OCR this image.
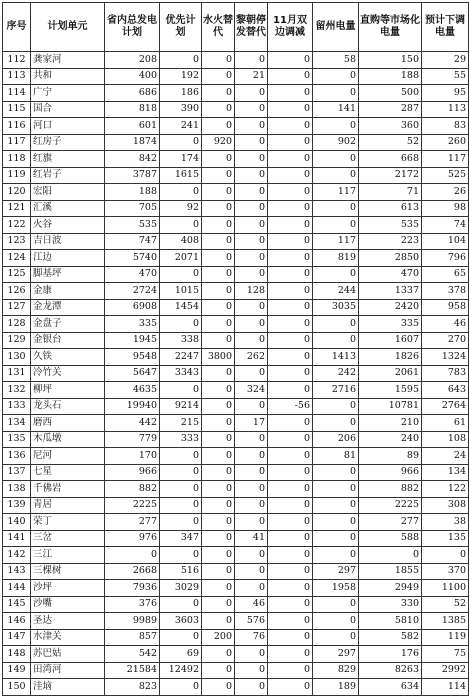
序号	计划单元	省内总发电计划	优先计划	水火替代	黎朝停发替代	11月双边调减	留州电量	直购等市场化电量	预计下调电量
112	龚家河	208	0	0	0	0	58	150	29
113	共和	400	192	0	21	0	0	188	55
114	广宁	686	186	0	0	0	0	500	95
115	国合	818	390	0	0	0	141	287	113
116	河口	601	241	0	0	0	0	360	83
117	红房子	1874	0	920	0	0	902	52	260
118	红旗	842	174	0	0	0	0	668	117
119	红岩子	3787	1615	0	0	0	0	2172	525
120	宏阳	188	0	0	0	0	117	71	26
121	汇溪	705	92	0	0	0	0	613	98
122	火谷	535	0	0	0	0	0	535	74
123	吉日波	747	408	0	0	0	117	223	104
124	江边	5740	2071	0	0	0	819	2850	796
125	脚基坪	470	0	0	0	0	0	470	65
126	金康	2724	1015	0	128	0	244	1337	378
127	金龙潭	6908	1454	0	0	0	3035	2420	958
128	金盘子	335	0	0	0	0	0	335	46
129	金银台	1945	338	0	0	0	0	1607	270
130	久铁	9548	2247	3800	262	0	1413	1826	1324
131	冷竹关	5647	3343	0	0	0	242	2061	783
132	柳坪	4635	0	0	324	0	2716	1595	643
133	龙头石	19940	9214	0	0	-56	0	10781	2764
134	磨西	442	215	0	17	0	0	210	61
135	木瓜墩	779	333	0	0	0	206	240	108
136	尼河	170	0	0	0	0	81	89	24
137	七星	966	0	0	0	0	0	966	134
138	千佛岩	882	0	0	0	0	0	882	122
139	青居	2225	0	0	0	0	0	2225	308
140	荣丁	277	0	0	0	0	0	277	38
141	三岔	976	347	0	41	0	0	588	135
142	三江	0	0	0	0	0	0	0	0
143	三棵树	2668	516	0	0	0	297	1855	370
144	沙坪	7936	3029	0	0	0	1958	2949	1100
145	沙嘴	376	0	0	46	0	0	330	52
146	圣达	9989	3603	0	576	0	0	5810	1385
147	水津关	857	0	200	76	0	0	582	119
148	苏巴姑	542	69	0	0	0	297	176	75
149	田湾河	21584	12492	0	0	0	829	8263	2992
150	洼垴	823	0	0	0	0	189	634	114
